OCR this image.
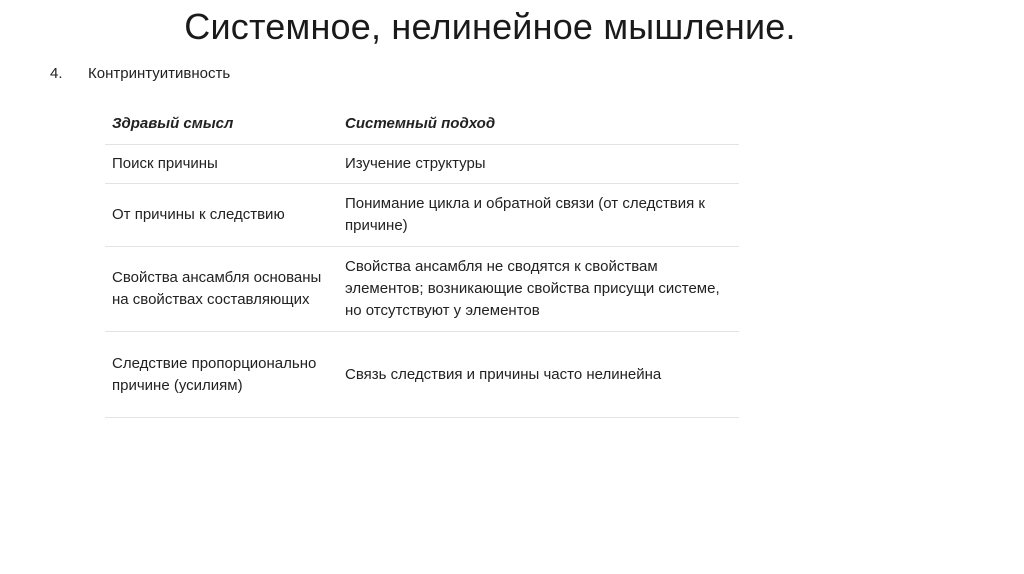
Системное, нелинейное мышление.
4. Контринтуитивность
Здравый смысл	Системный подход
Поиск причины	Изучение структуры
От причины к следствию	Понимание цикла и обратной связи (от следствия к причине)
Свойства ансамбля основаны на свойствах составляющих	Свойства ансамбля не сводятся к свойствам элементов; возникающие свойства присущи системе, но отсутствуют у элементов
Следствие пропорционально причине (усилиям)	Связь следствия и причины часто нелинейна
